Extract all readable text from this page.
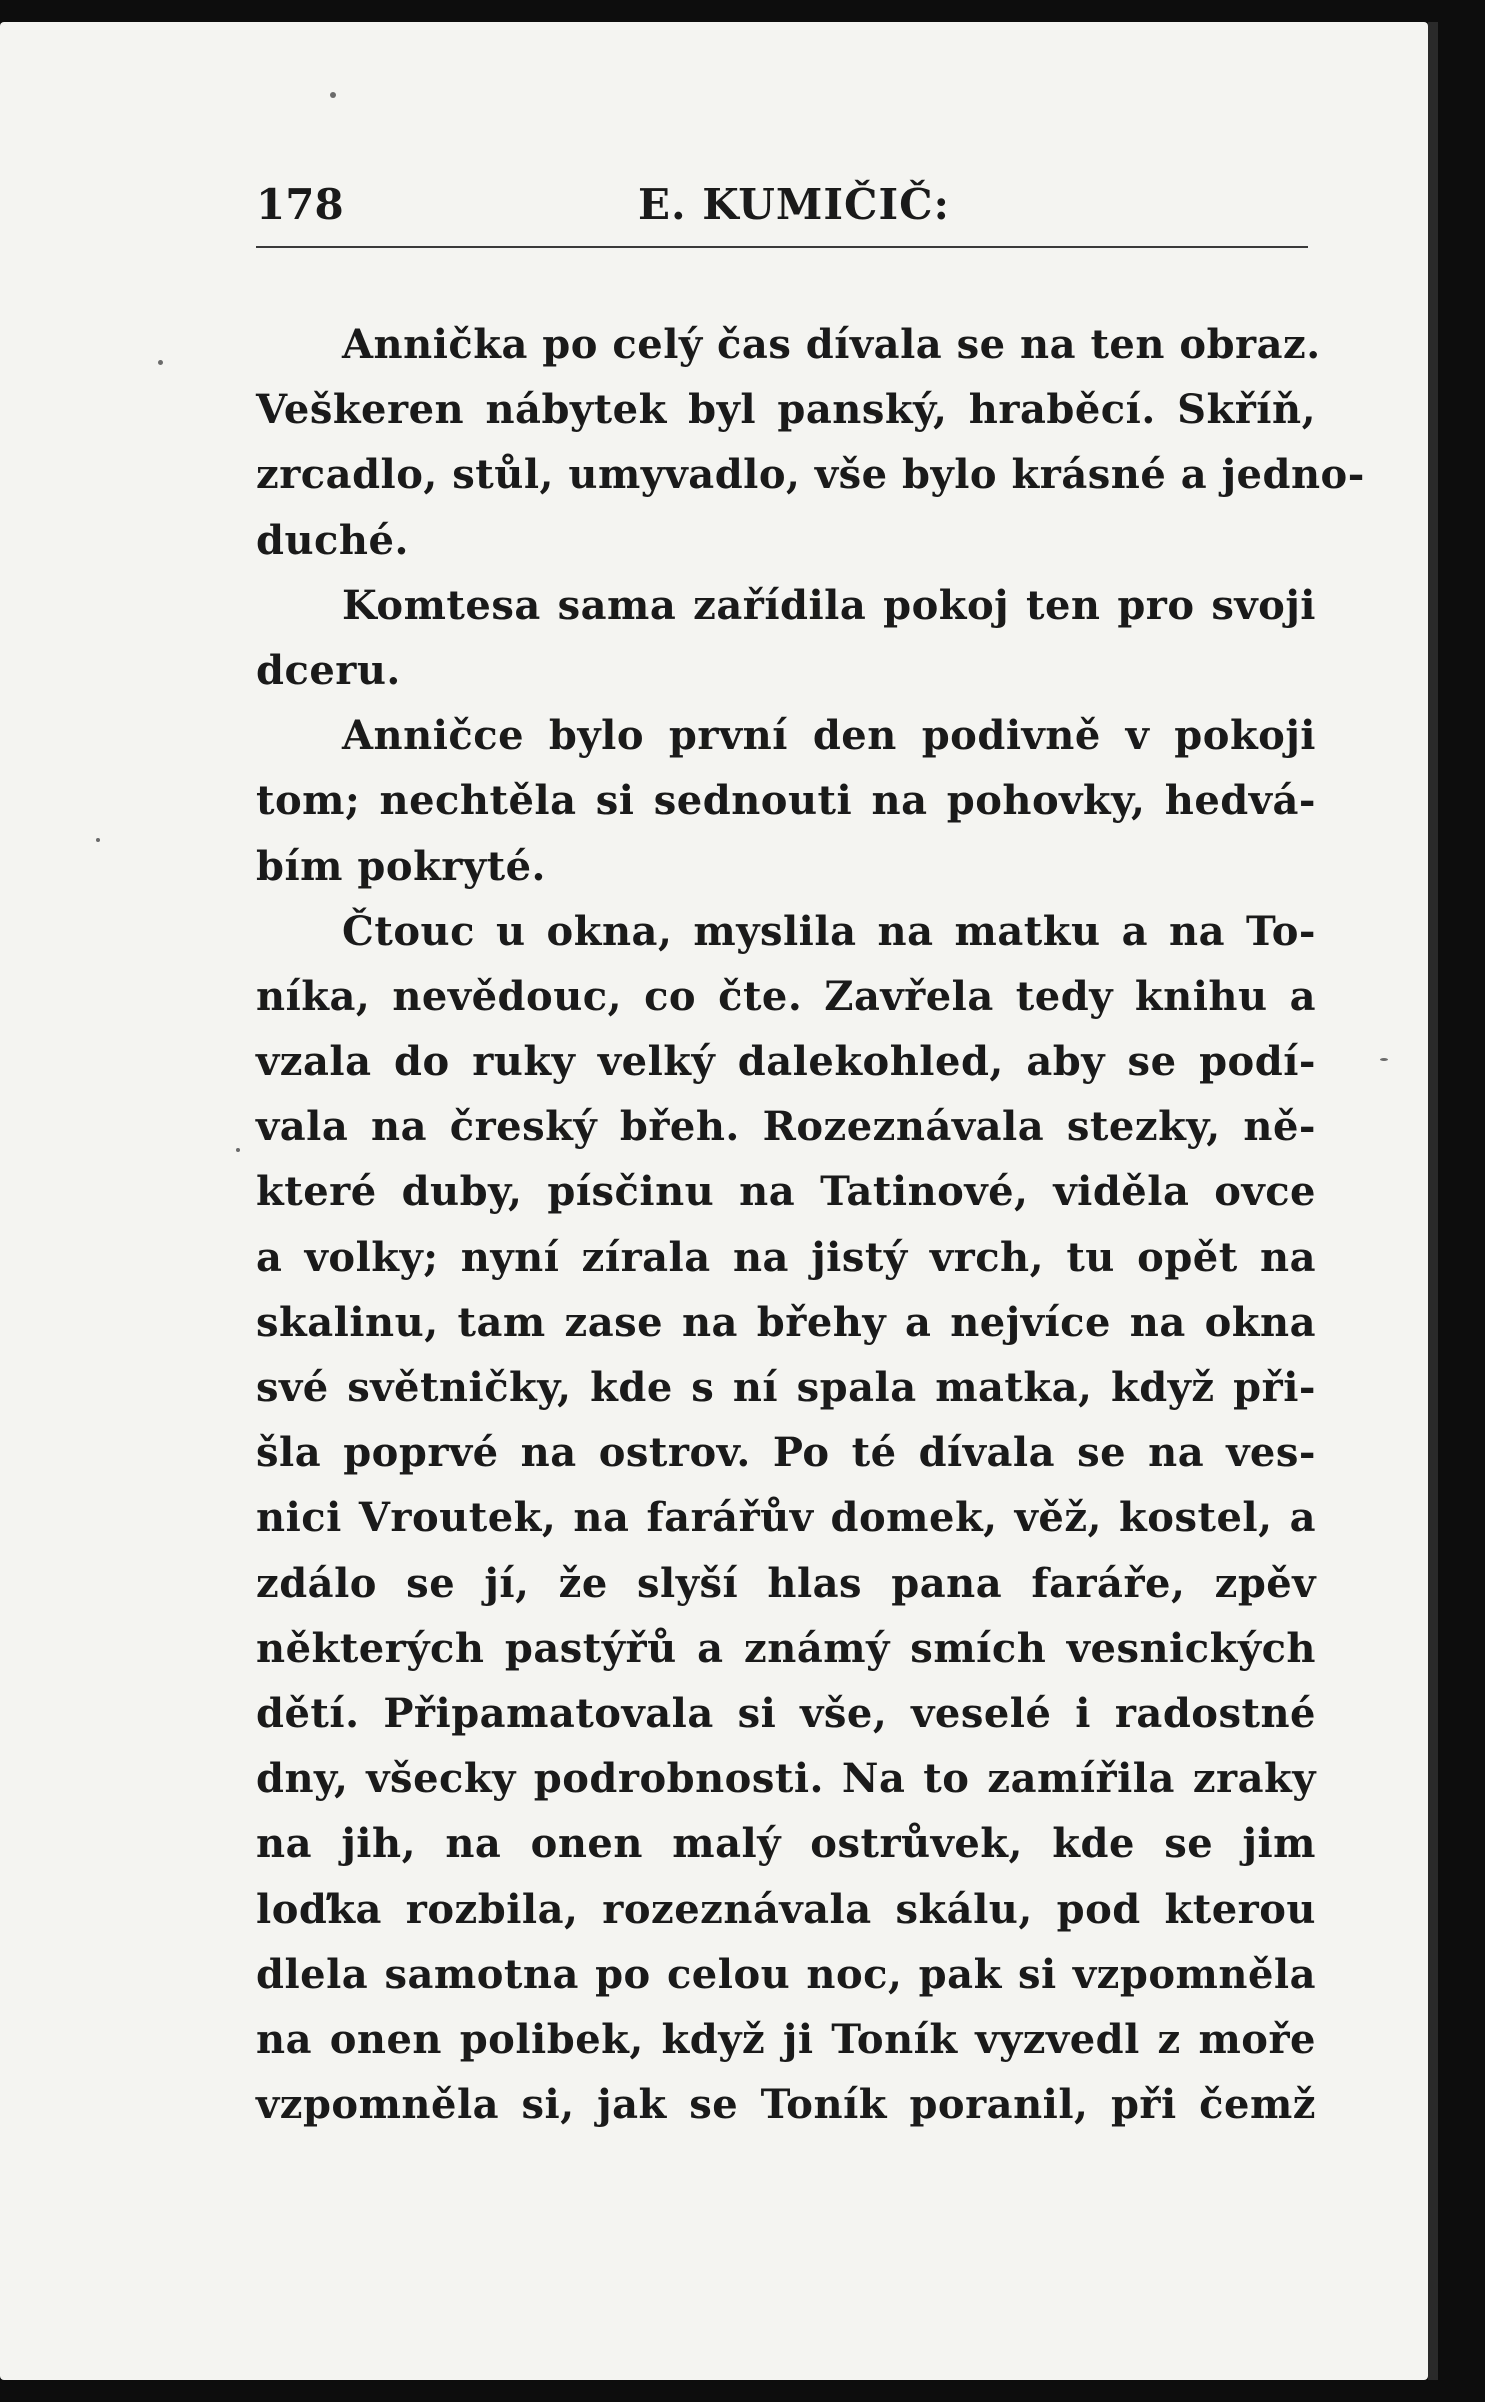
178	E. KUMIČIČ:
Annička po celý čas dívala se na ten obraz.
Veškeren nábytek byl panský, hraběcí. Skříň,
zrcadlo, stůl, umyvadlo, vše bylo krásné a jedno-
duché.
Komtesa sama zařídila pokoj ten pro svoji
dceru.
Anničce bylo první den podivně v pokoji
tom; nechtěla si sednouti na pohovky, hedvá-
bím pokryté.
Čtouc u okna, myslila na matku a na To-
níka, nevědouc, co čte. Zavřela tedy knihu a
vzala do ruky velký dalekohled, aby se podí-
vala na čreský břeh. Rozeznávala stezky, ně-
které duby, písčinu na Tatinové, viděla ovce
a volky; nyní zírala na jistý vrch, tu opět na
skalinu, tam zase na břehy a nejvíce na okna
své světničky, kde s ní spala matka, když při-
šla poprvé na ostrov. Po té dívala se na ves-
nici Vroutek, na farářův domek, věž, kostel, a
zdálo se jí, že slyší hlas pana faráře, zpěv
některých pastýřů a známý smích vesnických
dětí. Připamatovala si vše, veselé i radostné
dny, všecky podrobnosti. Na to zamířila zraky
na jih, na onen malý ostrůvek, kde se jim
loďka rozbila, rozeznávala skálu, pod kterou
dlela samotna po celou noc, pak si vzpomněla
na onen polibek, když ji Toník vyzvedl z moře
vzpomněla si, jak se Toník poranil, při čemž
